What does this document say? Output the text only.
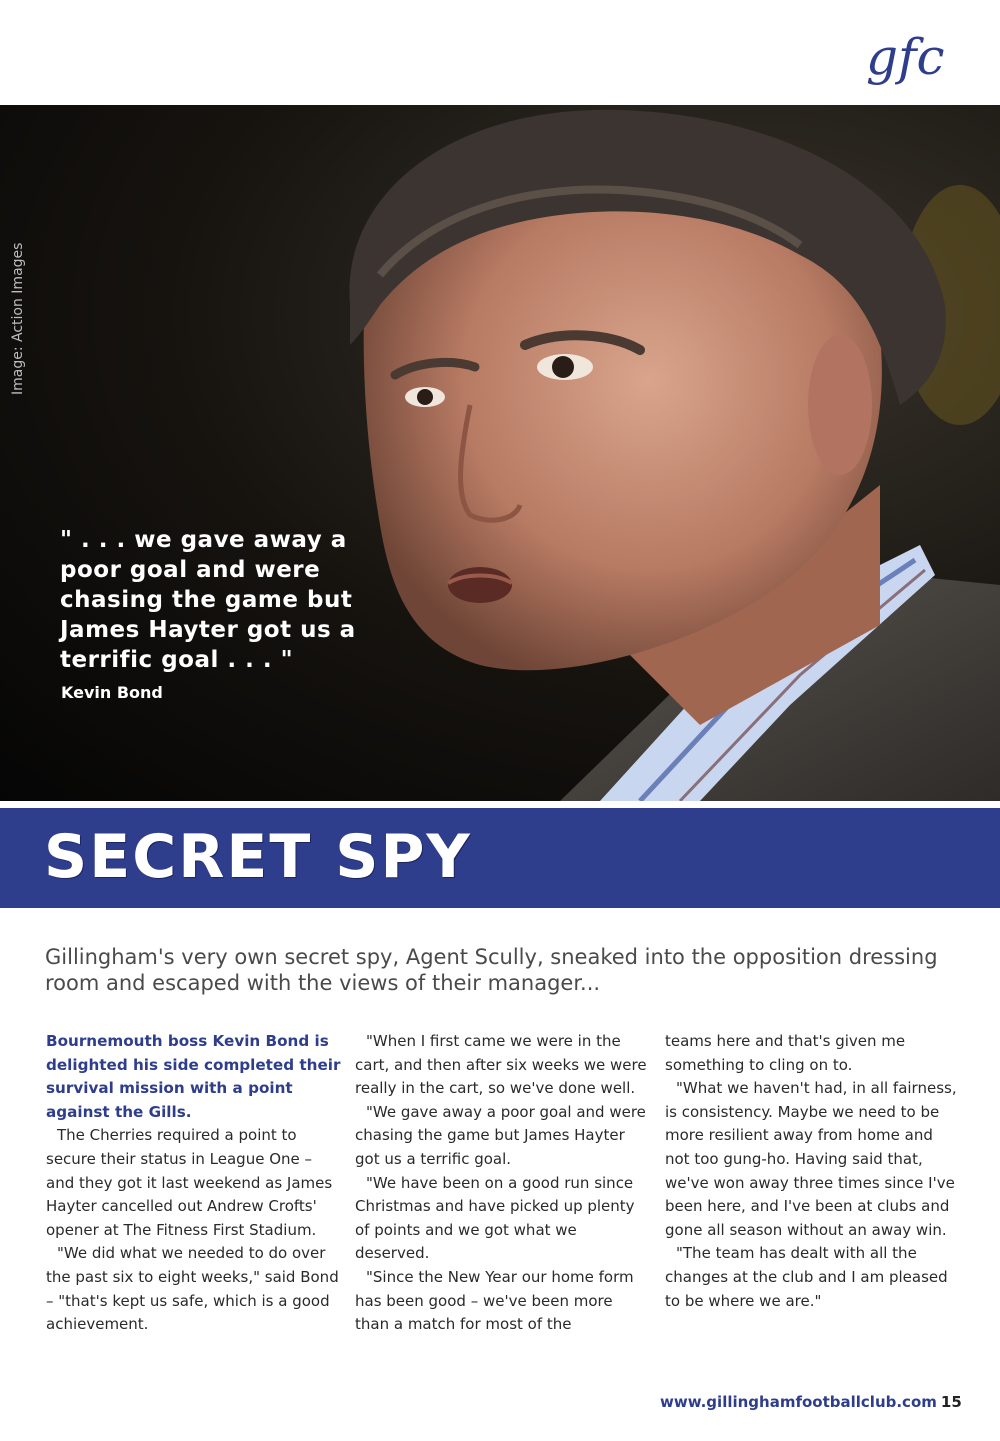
gfc
Image: Action Images
" . . . we gave away a poor goal and were chasing the game but James Hayter got us a terrific goal . . . "
Kevin Bond
SECRET SPY
Gillingham's very own secret spy, Agent Scully, sneaked into the opposition dressing room and escaped with the views of their manager...

Bournemouth boss Kevin Bond is delighted his side completed their survival mission with a point against the Gills.

The Cherries required a point to secure their status in League One – and they got it last weekend as James Hayter cancelled out Andrew Crofts' opener at The Fitness First Stadium.

"We did what we needed to do over the past six to eight weeks," said Bond – "that's kept us safe, which is a good achievement.

"When I first came we were in the cart, and then after six weeks we were really in the cart, so we've done well.

"We gave away a poor goal and were chasing the game but James Hayter got us a terrific goal.

"We have been on a good run since Christmas and have picked up plenty of points and we got what we deserved.

"Since the New Year our home form has been good – we've been more than a match for most of the

teams here and that's given me something to cling on to.

"What we haven't had, in all fairness, is consistency. Maybe we need to be more resilient away from home and not too gung-ho. Having said that, we've won away three times since I've been here, and I've been at clubs and gone all season without an away win.

"The team has dealt with all the changes at the club and I am pleased to be where we are."

www.gillinghamfootballclub.com 15
